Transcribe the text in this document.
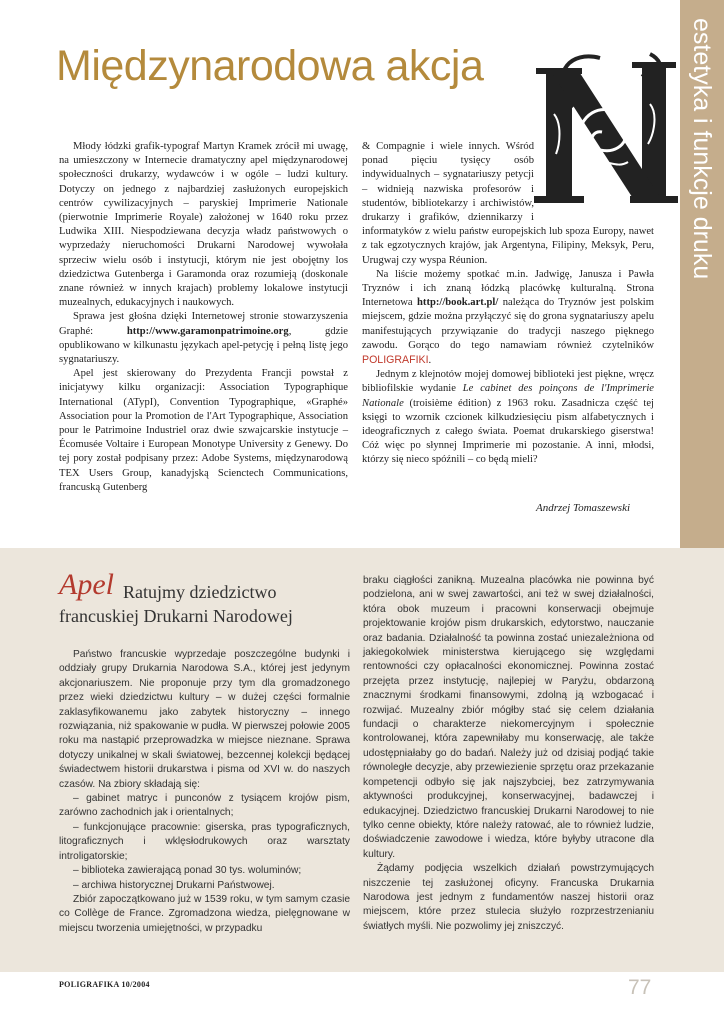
estetyka i funkcje druku
Międzynarodowa akcja

Młody łódzki grafik-typograf Martyn Kramek zrócił mi uwagę, na umieszczony w Internecie dramatyczny apel międzynarodowej społeczności drukarzy, wydawców i w ogóle – ludzi kultury. Dotyczy on jednego z najbardziej zasłużonych europejskich centrów cywilizacyjnych – paryskiej Imprimerie Nationale (pierwotnie Imprimerie Royale) założonej w 1640 roku przez Ludwika XIII. Niespodziewana decyzja władz państwowych o wyprzedaży nieruchomości Drukarni Narodowej wywołała sprzeciw wielu osób i instytucji, którym nie jest obojętny los dziedzictwa Gutenberga i Garamonda oraz rozumieją (doskonale znane również w innych krajach) problemy lokalowe instytucji muzealnych, edukacyjnych i naukowych.

Sprawa jest głośna dzięki Internetowej stronie stowarzyszenia Graphé: http://www.garamonpatrimoine.org, gdzie opublikowano w kilkunastu językach apel-petycję i pełną listę jego sygnatariuszy.

Apel jest skierowany do Prezydenta Francji powstał z inicjatywy kilku organizacji: Association Typographique International (ATypI), Convention Typographique, «Graphé» Association pour la Promotion de l'Art Typographique, Association pour le Patrimoine Industriel oraz dwie szwajcarskie instytucje – Écomusée Voltaire i European Monotype University z Genewy. Do tej pory został podpisany przez: Adobe Systems, międzynarodową TEX Users Group, kanadyjską Scienctech Communications, francuską Gutenberg

& Compagnie i wiele innych. Wśród ponad pięciu tysięcy osób indywidualnych – sygnatariuszy petycji – widnieją nazwiska profesorów i studentów, bibliotekarzy i archiwistów, drukarzy i grafików, dziennikarzy i informatyków z wielu państw europejskich lub spoza Europy, nawet z tak egzotycznych krajów, jak Argentyna, Filipiny, Meksyk, Peru, Urugwaj czy wyspa Réunion.

Na liście możemy spotkać m.in. Jadwigę, Janusza i Pawła Tryznów i ich znaną łódzką placówkę kulturalną. Strona Internetowa http://book.art.pl/ należąca do Tryznów jest polskim miejscem, gdzie można przyłączyć się do grona sygnatariuszy apelu manifestujących przywiązanie do tradycji naszego pięknego zawodu. Gorąco do tego namawiam również czytelników POLIGRAFIKI.

Jednym z klejnotów mojej domowej biblioteki jest piękne, wręcz bibliofilskie wydanie Le cabinet des poinçons de l'Imprimerie Nationale (troisième édition) z 1963 roku. Zasadnicza część tej księgi to wzornik czcionek kilkudziesięciu pism alfabetycznych i ideograficznych z całego świata. Poemat drukarskiego giserstwa! Cóż więc po słynnej Imprimerie mi pozostanie. A inni, młodsi, którzy się nieco spóźnili – co będą mieli?

Andrzej Tomaszewski
Apel Ratujmy dziedzictwo
francuskiej Drukarni Narodowej

Państwo francuskie wyprzedaje poszczególne budynki i oddziały grupy Drukarnia Narodowa S.A., której jest jedynym akcjonariuszem. Nie proponuje przy tym dla gromadzonego przez wieki dziedzictwu kultury – w dużej części formalnie zaklasyfikowanemu jako zabytek historyczny – innego rozwiązania, niż spakowanie w pudła. W pierwszej połowie 2005 roku ma nastąpić przeprowadzka w miejsce nieznane. Sprawa dotyczy unikalnej w skali światowej, bezcennej kolekcji będącej świadectwem historii drukarstwa i pisma od XVI w. do naszych czasów. Na zbiory składają się:

– gabinet matryc i punconów z tysiącem krojów pism, zarówno zachodnich jak i orientalnych;

– funkcjonujące pracownie: giserska, pras typograficznych, litograficznych i wklęsłodrukowych oraz warsztaty introligatorskie;

– biblioteka zawierającą ponad 30 tys. woluminów;

– archiwa historycznej Drukarni Państwowej.

Zbiór zapoczątkowano już w 1539 roku, w tym samym czasie co Collège de France. Zgromadzona wiedza, pielęgnowane w miejscu tworzenia umiejętności, w przypadku

braku ciągłości zanikną. Muzealna placówka nie powinna być podzielona, ani w swej zawartości, ani też w swej działalności, która obok muzeum i pracowni konserwacji obejmuje projektowanie krojów pism drukarskich, edytorstwo, nauczanie oraz badania. Działalność ta powinna zostać uniezależniona od jakiegokolwiek ministerstwa kierującego się względami rentowności czy opłacalności ekonomicznej. Powinna zostać przejęta przez instytucję, najlepiej w Paryżu, obdarzoną znacznymi środkami finansowymi, zdolną ją wzbogacać i rozwijać. Muzealny zbiór mógłby stać się celem działania fundacji o charakterze niekomercyjnym i społecznie kontrolowanej, która zapewniłaby mu konserwację, ale także udostępniałaby go do badań. Należy już od dzisiaj podjąć takie równoległe decyzje, aby przewiezienie sprzętu oraz przekazanie kompetencji odbyło się jak najszybciej, bez zatrzymywania aktywności produkcyjnej, konserwacyjnej, badawczej i edukacyjnej. Dziedzictwo francuskiej Drukarni Narodowej to nie tylko cenne obiekty, które należy ratować, ale to również ludzie, doświadczenie zawodowe i wiedza, które byłyby utracone dla kultury.

Żądamy podjęcia wszelkich działań powstrzymujących niszczenie tej zasłużonej oficyny. Francuska Drukarnia Narodowa jest jednym z fundamentów naszej historii oraz miejscem, które przez stulecia służyło rozprzestrzenianiu światłych myśli. Nie pozwolimy jej zniszczyć.

POLIGRAFIKA 10/2004	77
